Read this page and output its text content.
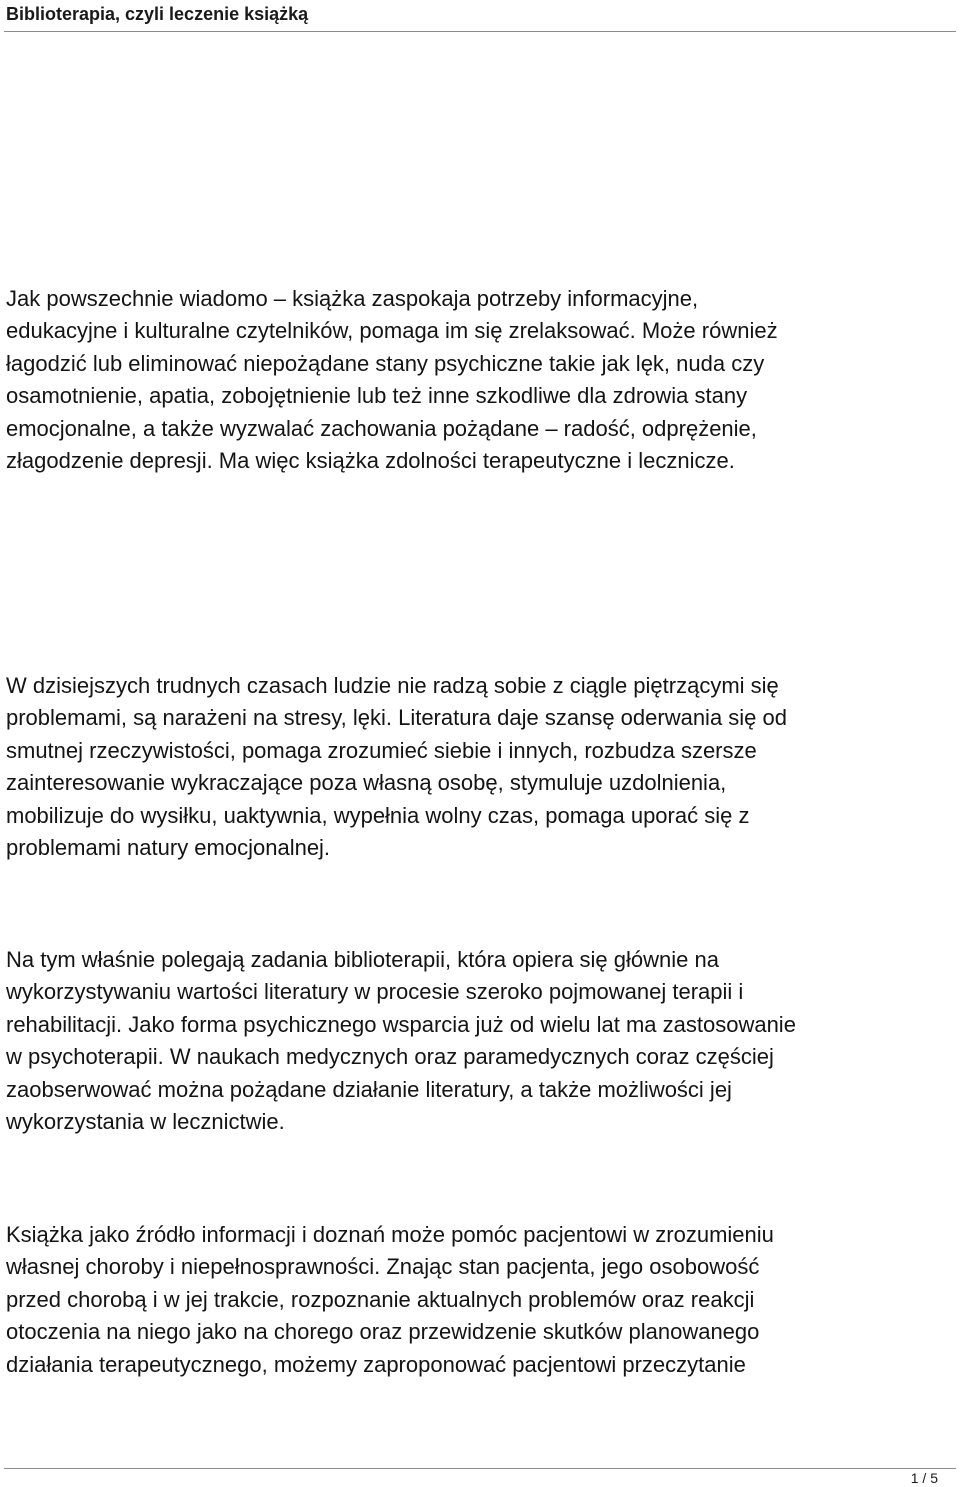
Biblioterapia, czyli leczenie książką

Jak powszechnie wiadomo – książka zaspokaja potrzeby informacyjne,
edukacyjne i kulturalne czytelników, pomaga im się zrelaksować. Może również
łagodzić lub eliminować niepożądane stany psychiczne takie jak lęk, nuda czy
osamotnienie, apatia, zobojętnienie lub też inne szkodliwe dla zdrowia stany
emocjonalne, a także wyzwalać zachowania pożądane – radość, odprężenie,
złagodzenie depresji. Ma więc książka zdolności terapeutyczne i lecznicze.

W dzisiejszych trudnych czasach ludzie nie radzą sobie z ciągle piętrzącymi się
problemami, są narażeni na stresy, lęki. Literatura daje szansę oderwania się od
smutnej rzeczywistości, pomaga zrozumieć siebie i innych, rozbudza szersze
zainteresowanie wykraczające poza własną osobę, stymuluje uzdolnienia,
mobilizuje do wysiłku, uaktywnia, wypełnia wolny czas, pomaga uporać się z
problemami natury emocjonalnej.

Na tym właśnie polegają zadania biblioterapii, która opiera się głównie na
wykorzystywaniu wartości literatury w procesie szeroko pojmowanej terapii i
rehabilitacji. Jako forma psychicznego wsparcia już od wielu lat ma zastosowanie
w psychoterapii. W naukach medycznych oraz paramedycznych coraz częściej
zaobserwować można pożądane działanie literatury, a także możliwości jej
wykorzystania w lecznictwie.

Książka jako źródło informacji i doznań może pomóc pacjentowi w zrozumieniu
własnej choroby i niepełnosprawności. Znając stan pacjenta, jego osobowość
przed chorobą i w jej trakcie, rozpoznanie aktualnych problemów oraz reakcji
otoczenia na niego jako na chorego oraz przewidzenie skutków planowanego
działania terapeutycznego, możemy zaproponować pacjentowi przeczytanie

1 / 5
